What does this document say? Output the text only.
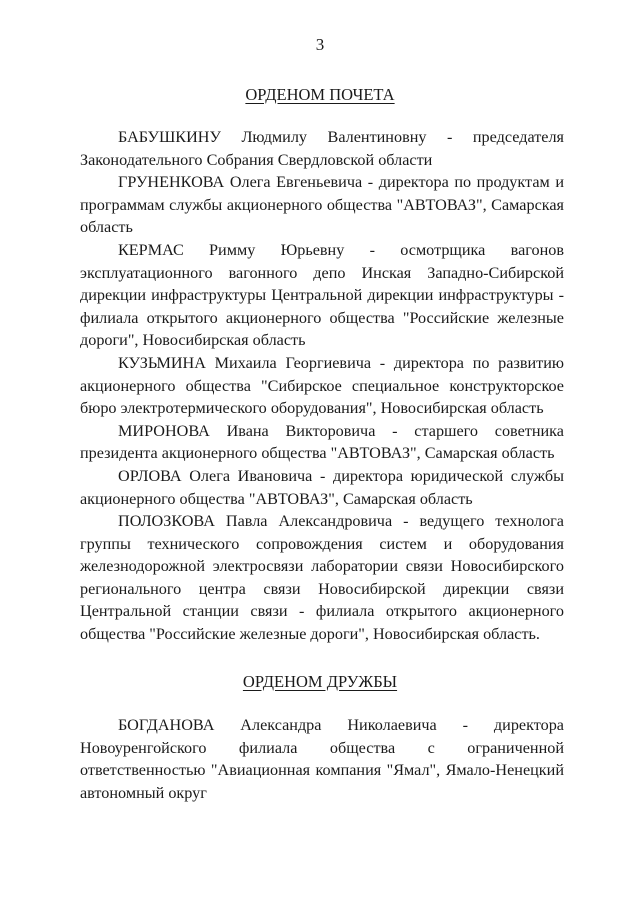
3
ОРДЕНОМ ПОЧЕТА

БАБУШКИНУ Людмилу Валентиновну - председателя Законодательного Собрания Свердловской области

ГРУНЕНКОВА Олега Евгеньевича - директора по продуктам и программам службы акционерного общества "АВТОВАЗ", Самарская область

КЕРМАС Римму Юрьевну - осмотрщика вагонов эксплуатационного вагонного депо Инская Западно-Сибирской дирекции инфраструктуры Центральной дирекции инфраструктуры - филиала открытого акционерного общества "Российские железные дороги", Новосибирская область

КУЗЬМИНА Михаила Георгиевича - директора по развитию акционерного общества "Сибирское специальное конструкторское бюро электротермического оборудования", Новосибирская область

МИРОНОВА Ивана Викторовича - старшего советника президента акционерного общества "АВТОВАЗ", Самарская область

ОРЛОВА Олега Ивановича - директора юридической службы акционерного общества "АВТОВАЗ", Самарская область

ПОЛОЗКОВА Павла Александровича - ведущего технолога группы технического сопровождения систем и оборудования железнодорожной электросвязи лаборатории связи Новосибирского регионального центра связи Новосибирской дирекции связи Центральной станции связи - филиала открытого акционерного общества "Российские железные дороги", Новосибирская область.

ОРДЕНОМ ДРУЖБЫ

БОГДАНОВА Александра Николаевича - директора Новоуренгойского филиала общества с ограниченной ответственностью "Авиационная компания "Ямал", Ямало-Ненецкий автономный округ
